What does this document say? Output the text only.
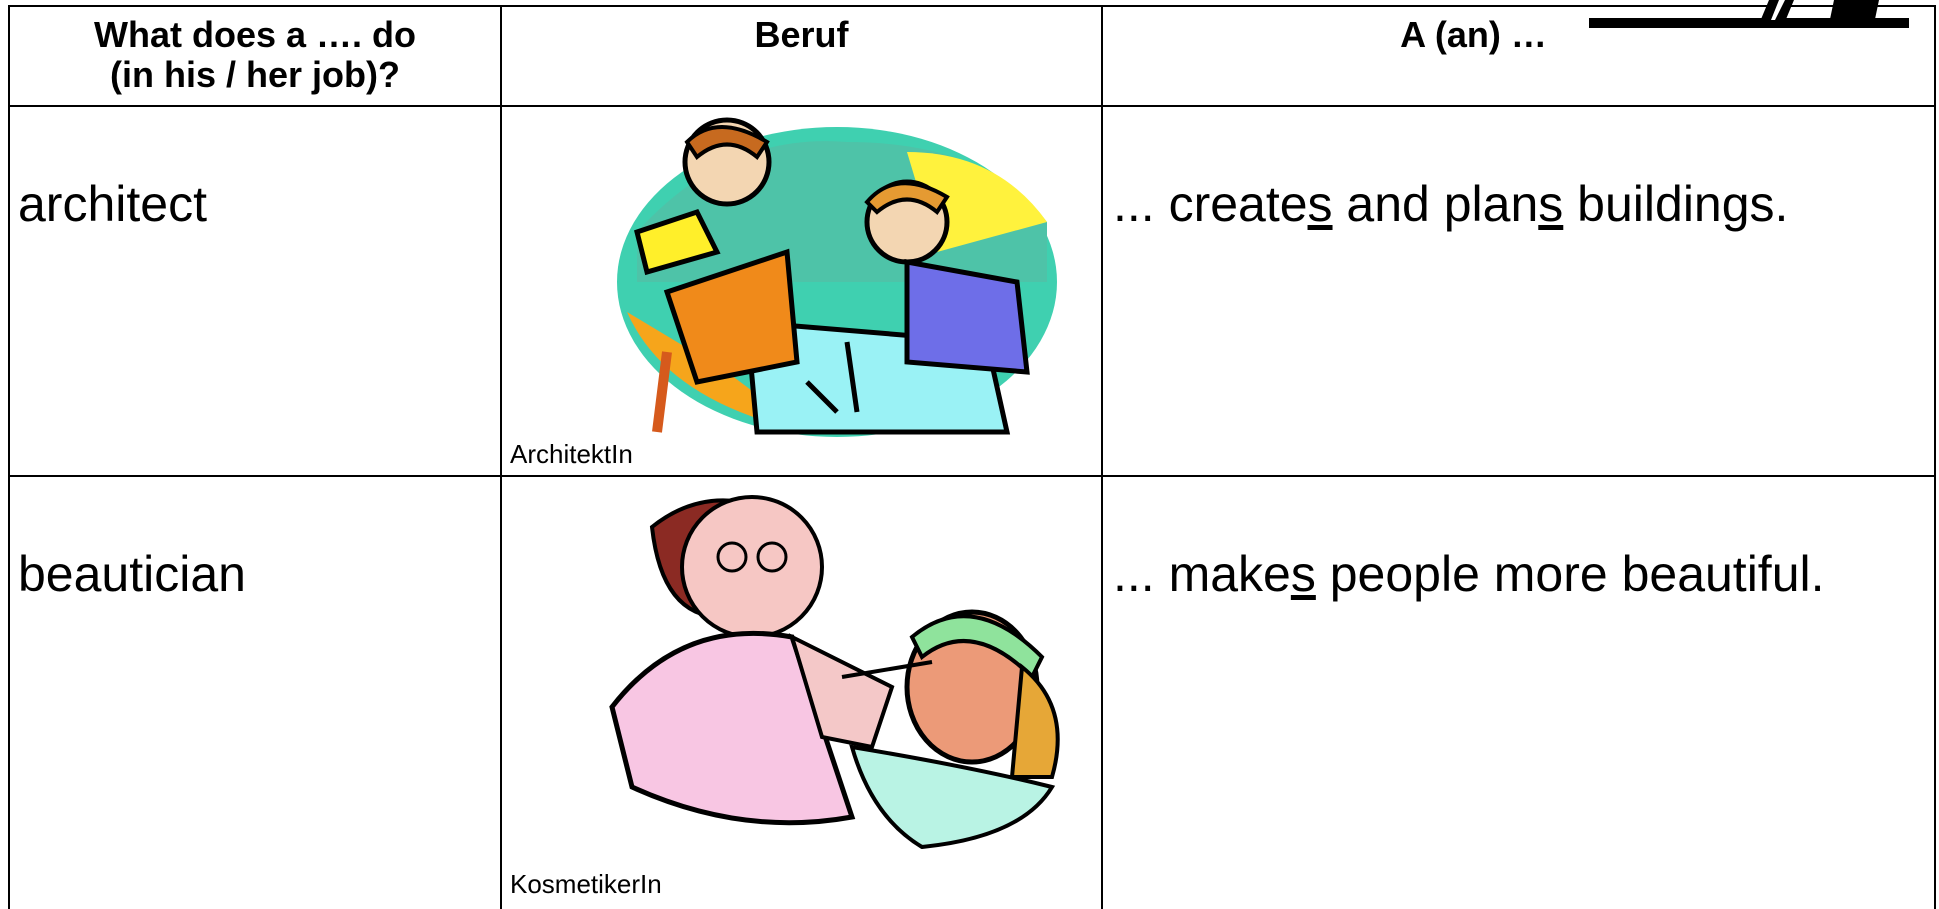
What does a …. do
(in his / her job)?
Beruf	A (an) …
architect
ArchitektIn
... creates and plans buildings.
beautician
KosmetikerIn
... makes people more beautiful.
